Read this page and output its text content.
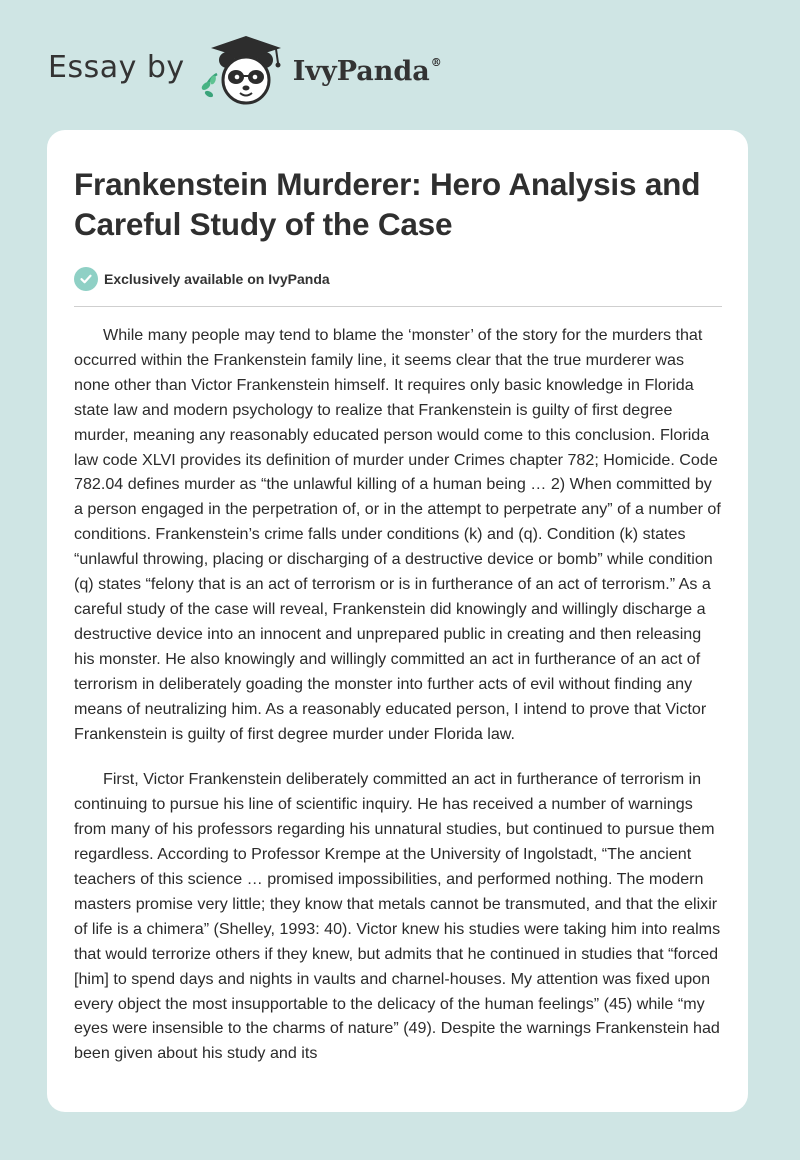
Essay by	IvyPanda®
Frankenstein Murderer: Hero Analysis and Careful Study of the Case
Exclusively available on IvyPanda

While many people may tend to blame the ‘monster’ of the story for the murders that occurred within the Frankenstein family line, it seems clear that the true murderer was none other than Victor Frankenstein himself. It requires only basic knowledge in Florida state law and modern psychology to realize that Frankenstein is guilty of first degree murder, meaning any reasonably educated person would come to this conclusion. Florida law code XLVI provides its definition of murder under Crimes chapter 782; Homicide. Code 782.04 defines murder as “the unlawful killing of a human being … 2) When committed by a person engaged in the perpetration of, or in the attempt to perpetrate any” of a number of conditions. Frankenstein’s crime falls under conditions (k) and (q). Condition (k) states “unlawful throwing, placing or discharging of a destructive device or bomb” while condition (q) states “felony that is an act of terrorism or is in furtherance of an act of terrorism.” As a careful study of the case will reveal, Frankenstein did knowingly and willingly discharge a destructive device into an innocent and unprepared public in creating and then releasing his monster. He also knowingly and willingly committed an act in furtherance of an act of terrorism in deliberately goading the monster into further acts of evil without finding any means of neutralizing him. As a reasonably educated person, I intend to prove that Victor Frankenstein is guilty of first degree murder under Florida law.

First, Victor Frankenstein deliberately committed an act in furtherance of terrorism in continuing to pursue his line of scientific inquiry. He has received a number of warnings from many of his professors regarding his unnatural studies, but continued to pursue them regardless. According to Professor Krempe at the University of Ingolstadt, “The ancient teachers of this science … promised impossibilities, and performed nothing. The modern masters promise very little; they know that metals cannot be transmuted, and that the elixir of life is a chimera” (Shelley, 1993: 40). Victor knew his studies were taking him into realms that would terrorize others if they knew, but admits that he continued in studies that “forced [him] to spend days and nights in vaults and charnel-houses. My attention was fixed upon every object the most insupportable to the delicacy of the human feelings” (45) while “my eyes were insensible to the charms of nature” (49). Despite the warnings Frankenstein had been given about his study and its
